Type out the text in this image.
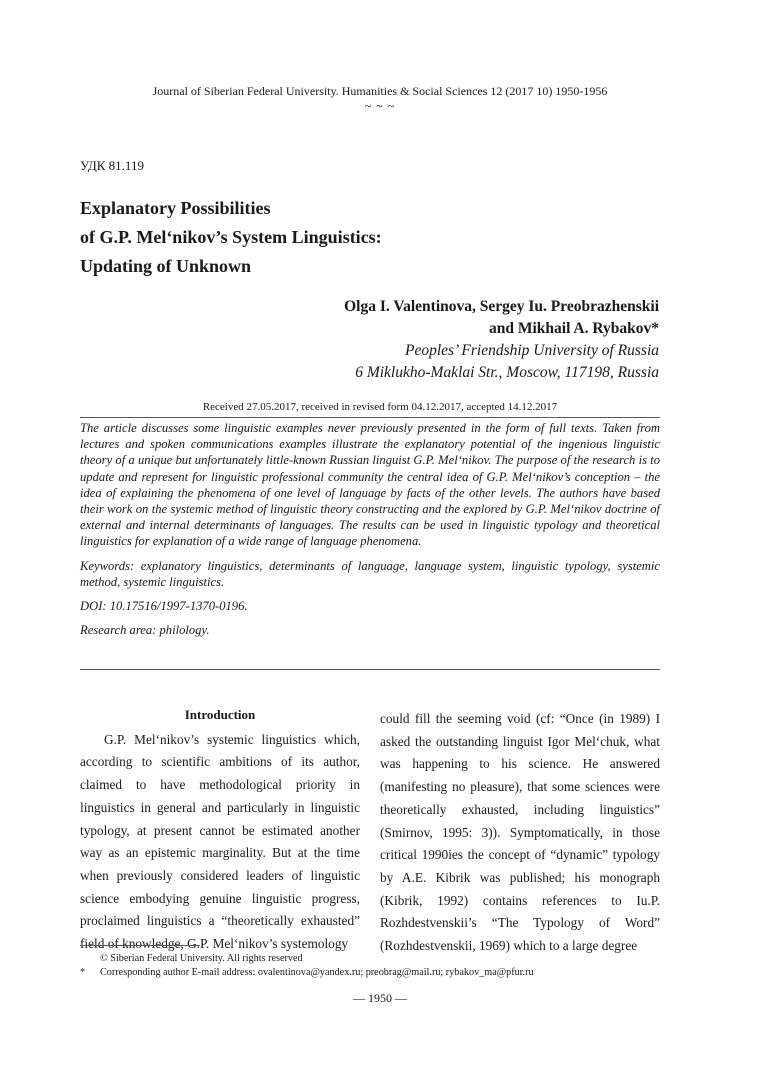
Journal of Siberian Federal University. Humanities & Social Sciences 12 (2017 10) 1950-1956
~ ~ ~
УДК 81.119
Explanatory Possibilities
of G.P. Mel‘nikov’s System Linguistics:
Updating of Unknown
Olga I. Valentinova, Sergey Iu. Preobrazhenskii
and Mikhail A. Rybakov*
Peoples’ Friendship University of Russia
6 Miklukho-Maklai Str., Moscow, 117198, Russia
Received 27.05.2017, received in revised form 04.12.2017, accepted 14.12.2017

The article discusses some linguistic examples never previously presented in the form of full texts. Taken from lectures and spoken communications examples illustrate the explanatory potential of the ingenious linguistic theory of a unique but unfortunately little-known Russian linguist G.P. Mel‘nikov. The purpose of the research is to update and represent for linguistic professional community the central idea of G.P. Mel‘nikov’s conception – the idea of explaining the phenomena of one level of language by facts of the other levels. The authors have based their work on the systemic method of linguistic theory constructing and the explored by G.P. Mel‘nikov doctrine of external and internal determinants of languages. The results can be used in linguistic typology and theoretical linguistics for explanation of a wide range of language phenomena.

Keywords: explanatory linguistics, determinants of language, language system, linguistic typology, systemic method, systemic linguistics.

DOI: 10.17516/1997-1370-0196.

Research area: philology.

Introduction

G.P. Mel‘nikov’s systemic linguistics which, according to scientific ambitions of its author, claimed to have methodological priority in linguistics in general and particularly in linguistic typology, at present cannot be estimated another way as an epistemic marginality. But at the time when previously considered leaders of linguistic science embodying genuine linguistic progress, proclaimed linguistics a “theoretically exhausted” field of knowledge, G.P. Mel‘nikov’s systemology

could fill the seeming void (cf: “Once (in 1989) I asked the outstanding linguist Igor Mel‘chuk, what was happening to his science. He answered (manifesting no pleasure), that some sciences were theoretically exhausted, including linguistics” (Smirnov, 1995: 3)). Symptomatically, in those critical 1990ies the concept of “dynamic” typology by A.E. Kibrik was published; his monograph (Kibrik, 1992) contains references to Iu.P. Rozhdestvenskii’s “The Typology of Word” (Rozhdestvenskii, 1969) which to a large degree

© Siberian Federal University. All rights reserved
* Corresponding author E-mail address: ovalentinova@yandex.ru; preobrag@mail.ru; rybakov_ma@pfur.ru
— 1950 —
